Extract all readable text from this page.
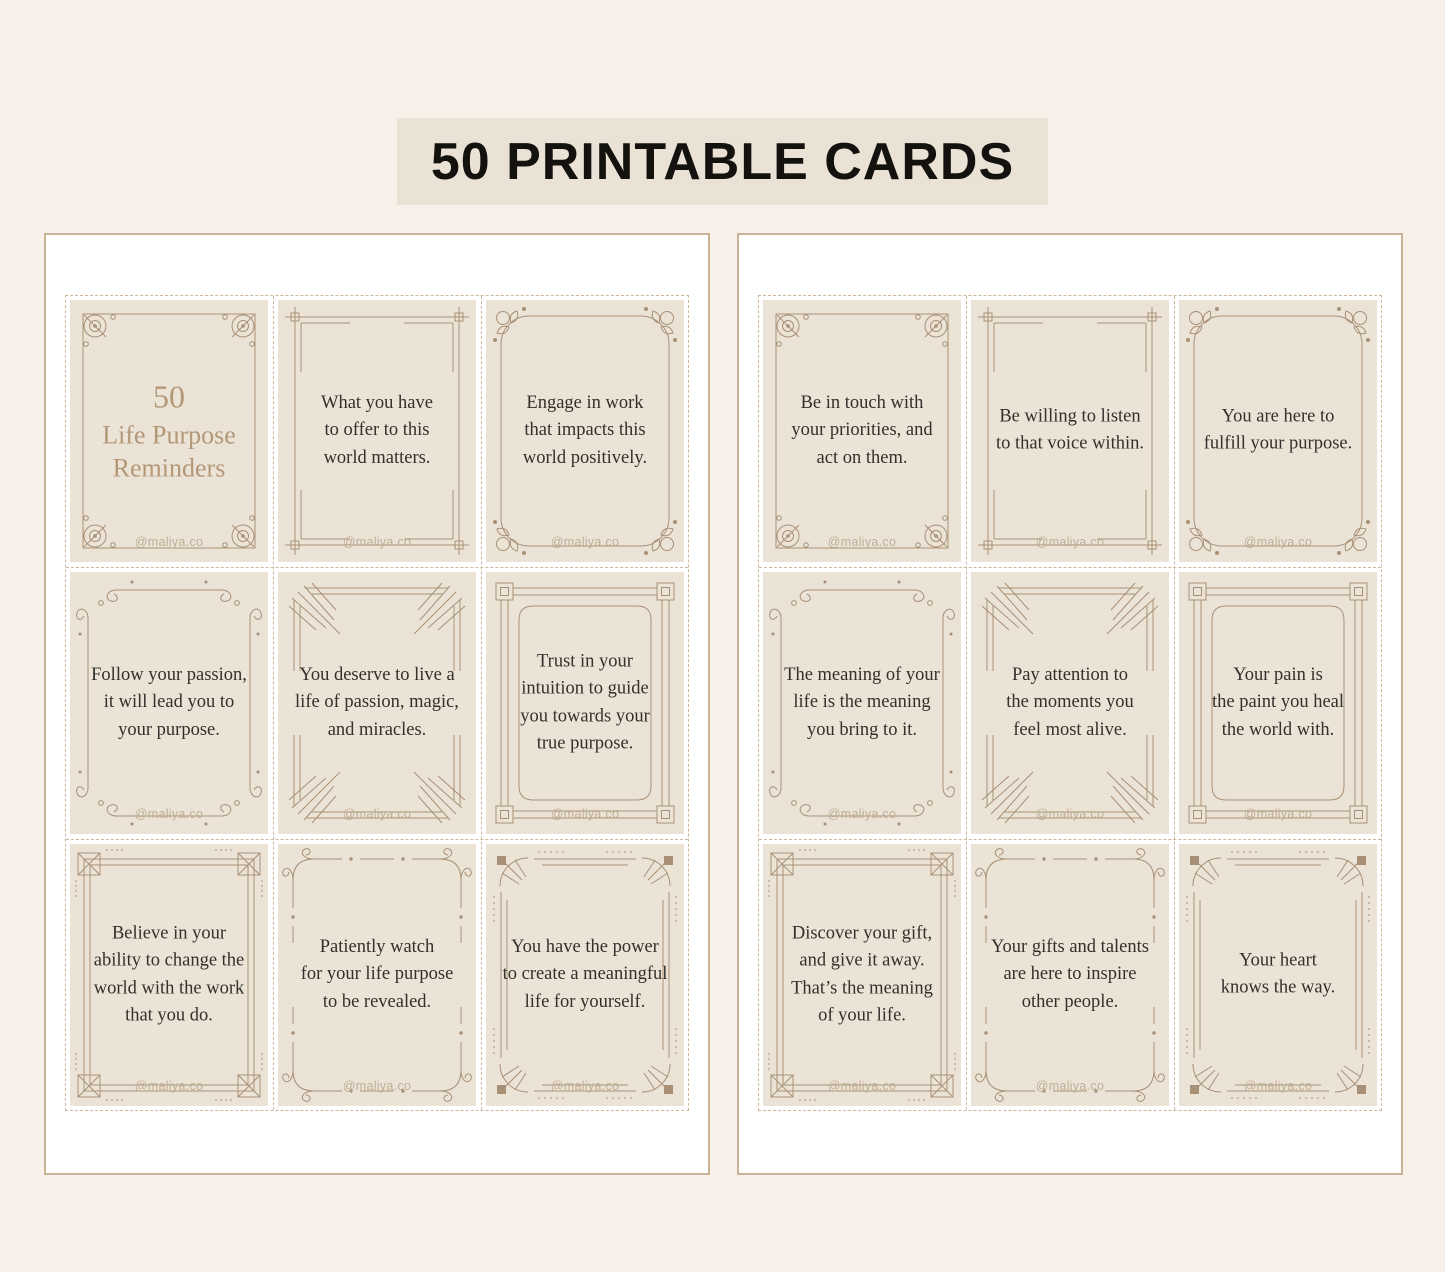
50 PRINTABLE CARDS
50
Life Purpose
Reminders
@maliya.co
What you have
to offer to this
world matters.
@maliya.co
Engage in work
that impacts this
world positively.
@maliya.co
Follow your passion,
it will lead you to
your purpose.
@maliya.co
You deserve to live a
life of passion, magic,
and miracles.
@maliya.co
Trust in your
intuition to guide
you towards your
true purpose.
@maliya.co
Believe in your
ability to change the
world with the work
that you do.
@maliya.co
Patiently watch
for your life purpose
to be revealed.
@maliya.co
You have the power
to create a meaningful
life for yourself.
@maliya.co
Be in touch with
your priorities, and
act on them.
@maliya.co
Be willing to listen
to that voice within.
@maliya.co
You are here to
fulfill your purpose.
@maliya.co
The meaning of your
life is the meaning
you bring to it.
@maliya.co
Pay attention to
the moments you
feel most alive.
@maliya.co
Your pain is
the paint you heal
the world with.
@maliya.co
Discover your gift,
and give it away.
That’s the meaning
of your life.
@maliya.co
Your gifts and talents
are here to inspire
other people.
@maliya.co
Your heart
knows the way.
@maliya.co
